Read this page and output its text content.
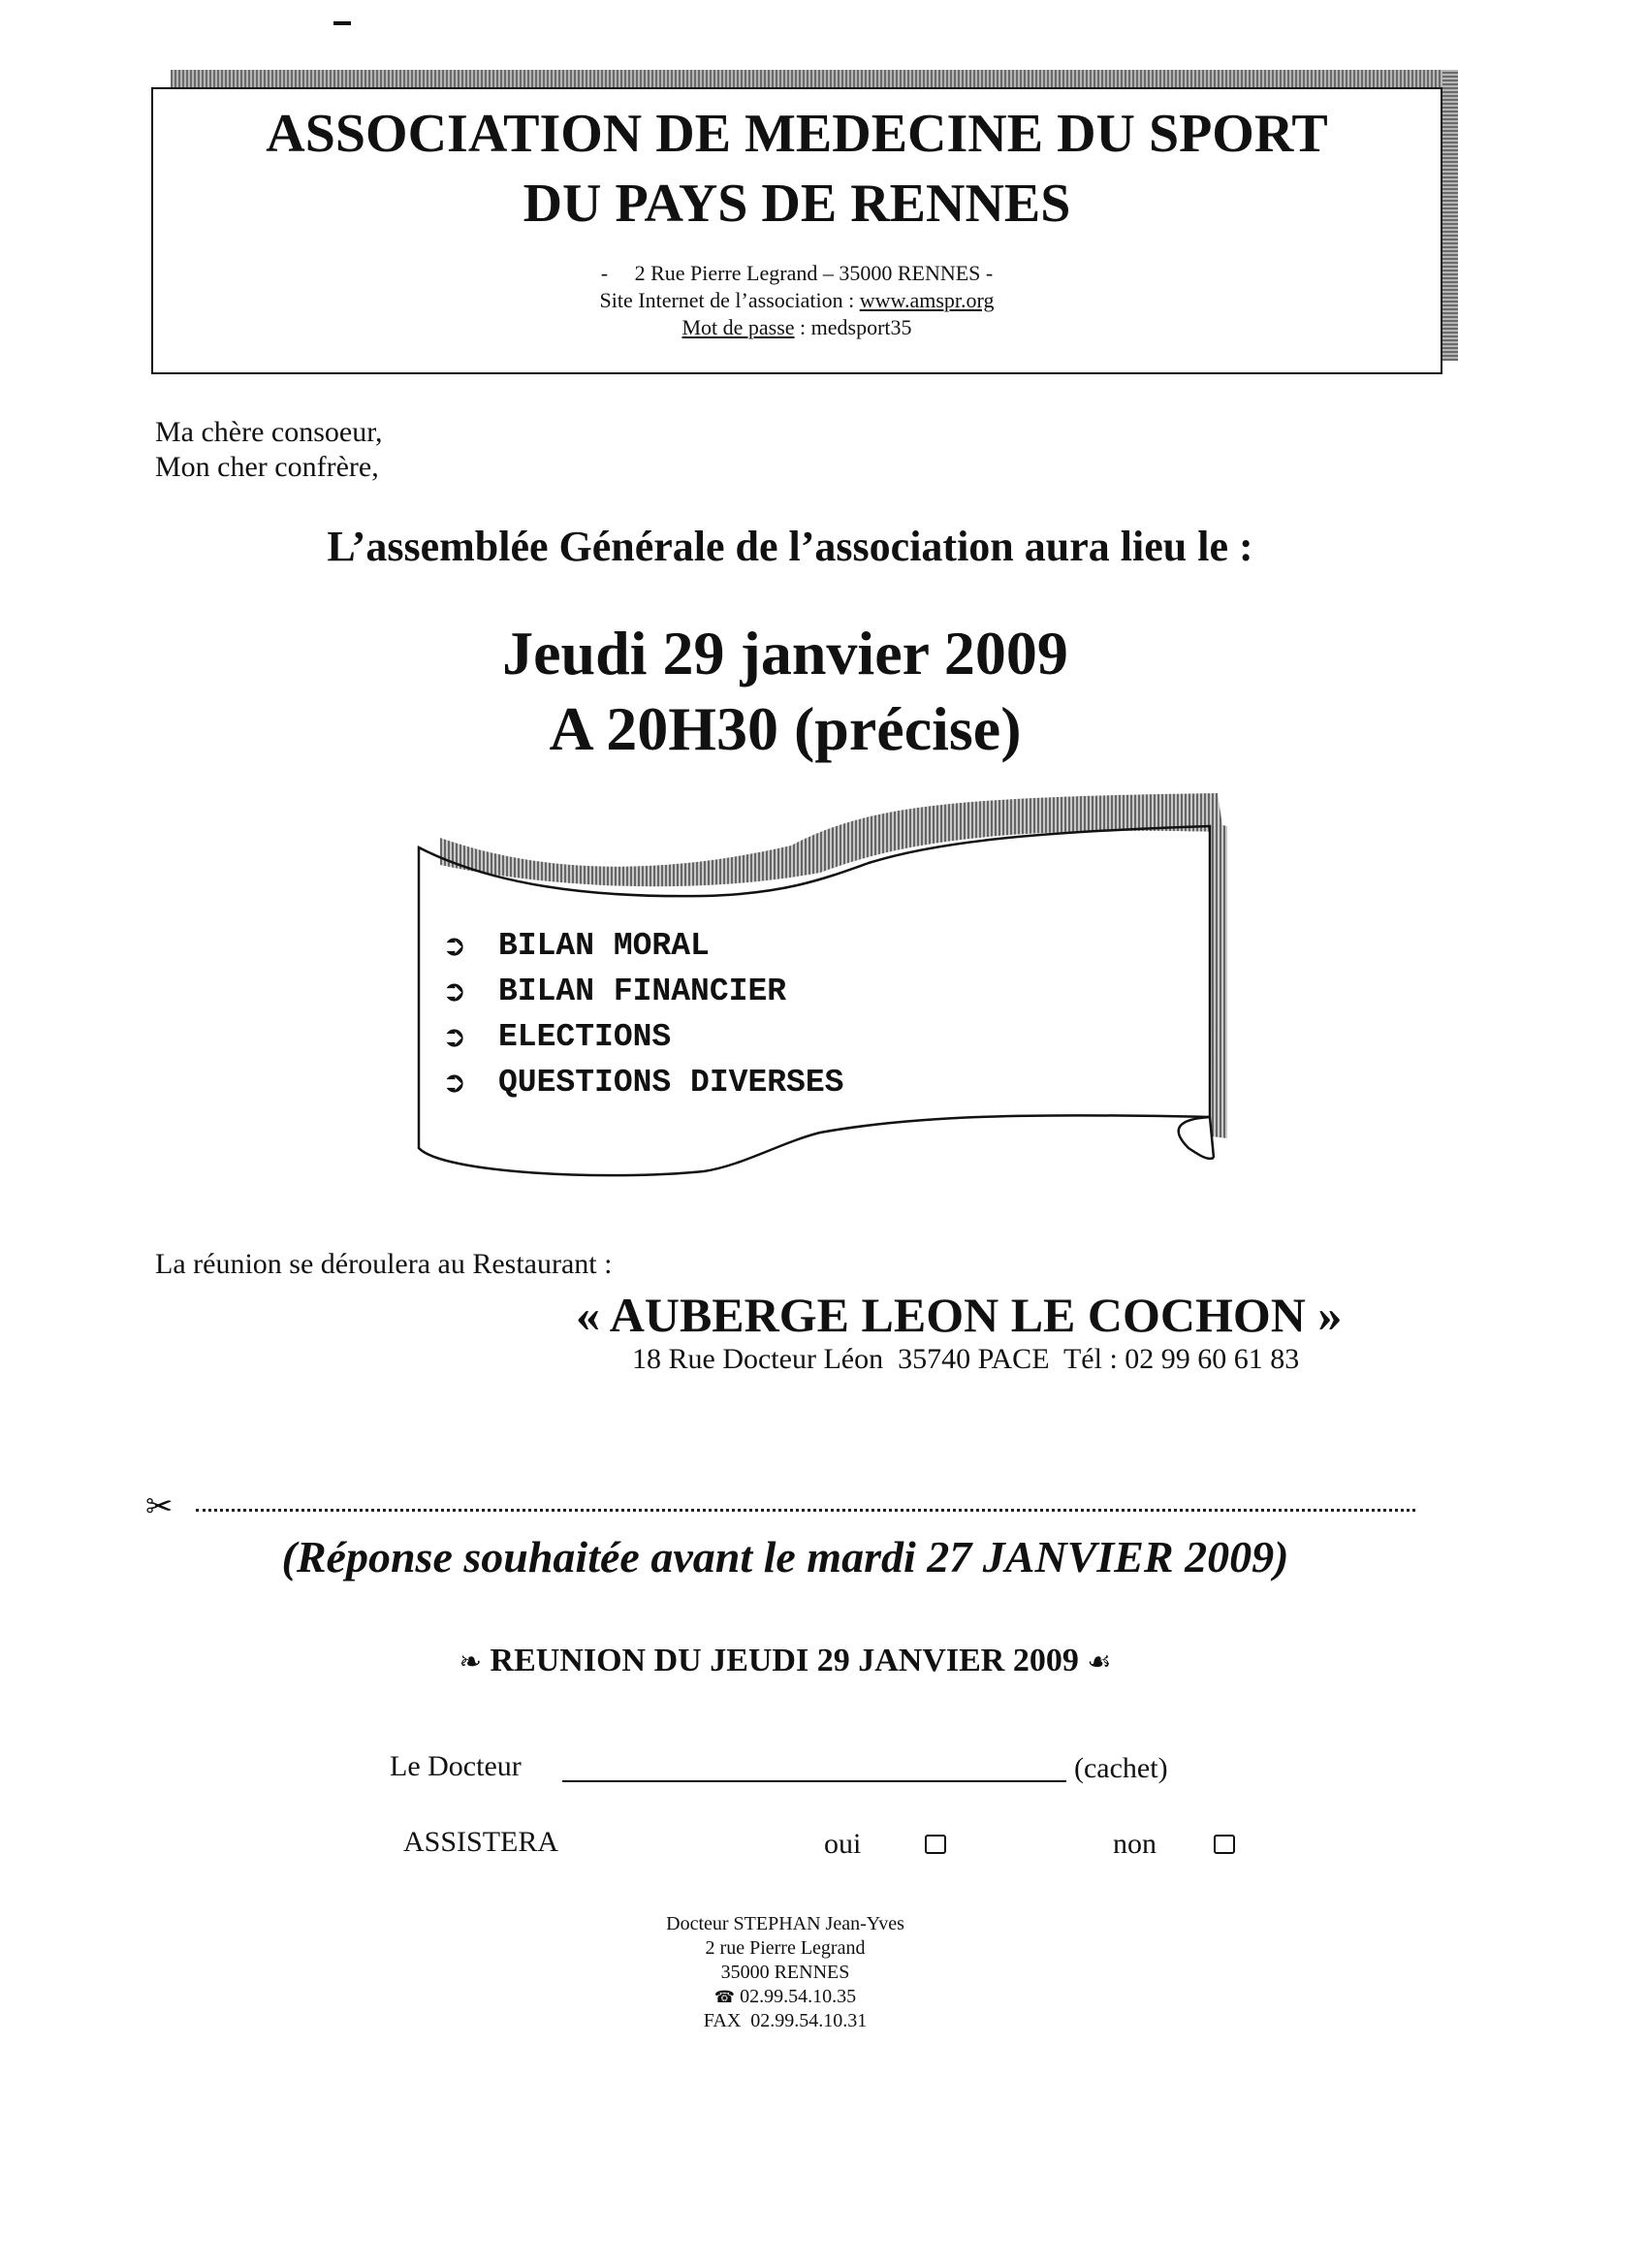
ASSOCIATION DE MEDECINE DU SPORT
DU PAYS DE RENNES
-     2 Rue Pierre Legrand – 35000 RENNES -
Site Internet de l’association : www.amspr.org
Mot de passe : medsport35
Ma chère consoeur,
Mon cher confrère,
L’assemblée Générale de l’association aura lieu le :
Jeudi 29 janvier 2009
A 20H30 (précise)
➲ BILAN MORAL
➲ BILAN FINANCIER
➲ ELECTIONS
➲ QUESTIONS DIVERSES
La réunion se déroulera au Restaurant :
« AUBERGE LEON LE COCHON »
18 Rue Docteur Léon  35740 PACE  Tél : 02 99 60 61 83
✂
(Réponse souhaitée avant le mardi 27 JANVIER 2009)
❧ REUNION DU JEUDI 29 JANVIER 2009 ☙
Le Docteur	(cachet)
ASSISTERA	oui	non
Docteur STEPHAN Jean-Yves
2 rue Pierre Legrand
35000 RENNES
☎ 02.99.54.10.35
FAX  02.99.54.10.31
